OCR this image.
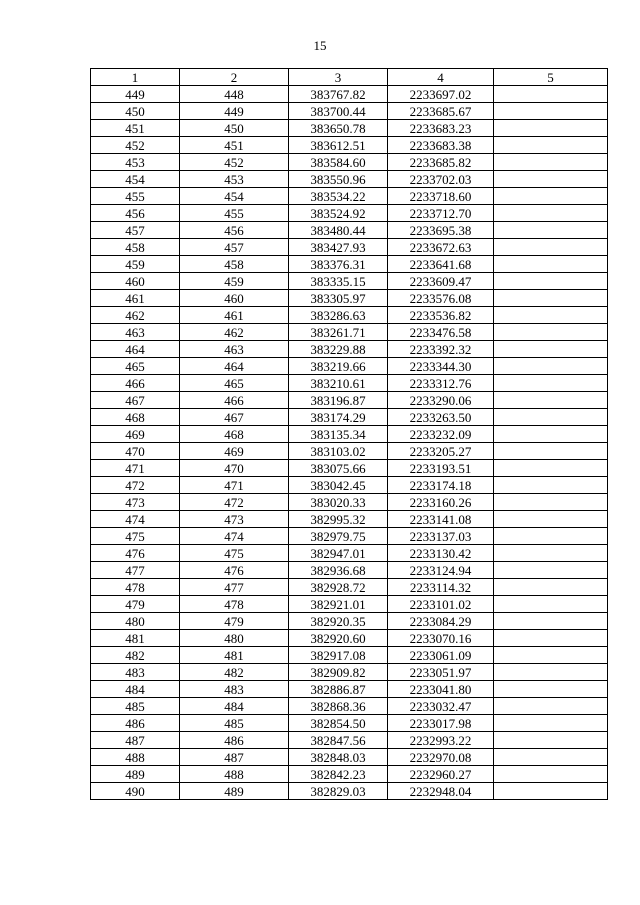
15
1	2	3	4	5
449	448	383767.82	2233697.02	
450	449	383700.44	2233685.67	
451	450	383650.78	2233683.23	
452	451	383612.51	2233683.38	
453	452	383584.60	2233685.82	
454	453	383550.96	2233702.03	
455	454	383534.22	2233718.60	
456	455	383524.92	2233712.70	
457	456	383480.44	2233695.38	
458	457	383427.93	2233672.63	
459	458	383376.31	2233641.68	
460	459	383335.15	2233609.47	
461	460	383305.97	2233576.08	
462	461	383286.63	2233536.82	
463	462	383261.71	2233476.58	
464	463	383229.88	2233392.32	
465	464	383219.66	2233344.30	
466	465	383210.61	2233312.76	
467	466	383196.87	2233290.06	
468	467	383174.29	2233263.50	
469	468	383135.34	2233232.09	
470	469	383103.02	2233205.27	
471	470	383075.66	2233193.51	
472	471	383042.45	2233174.18	
473	472	383020.33	2233160.26	
474	473	382995.32	2233141.08	
475	474	382979.75	2233137.03	
476	475	382947.01	2233130.42	
477	476	382936.68	2233124.94	
478	477	382928.72	2233114.32	
479	478	382921.01	2233101.02	
480	479	382920.35	2233084.29	
481	480	382920.60	2233070.16	
482	481	382917.08	2233061.09	
483	482	382909.82	2233051.97	
484	483	382886.87	2233041.80	
485	484	382868.36	2233032.47	
486	485	382854.50	2233017.98	
487	486	382847.56	2232993.22	
488	487	382848.03	2232970.08	
489	488	382842.23	2232960.27	
490	489	382829.03	2232948.04	
